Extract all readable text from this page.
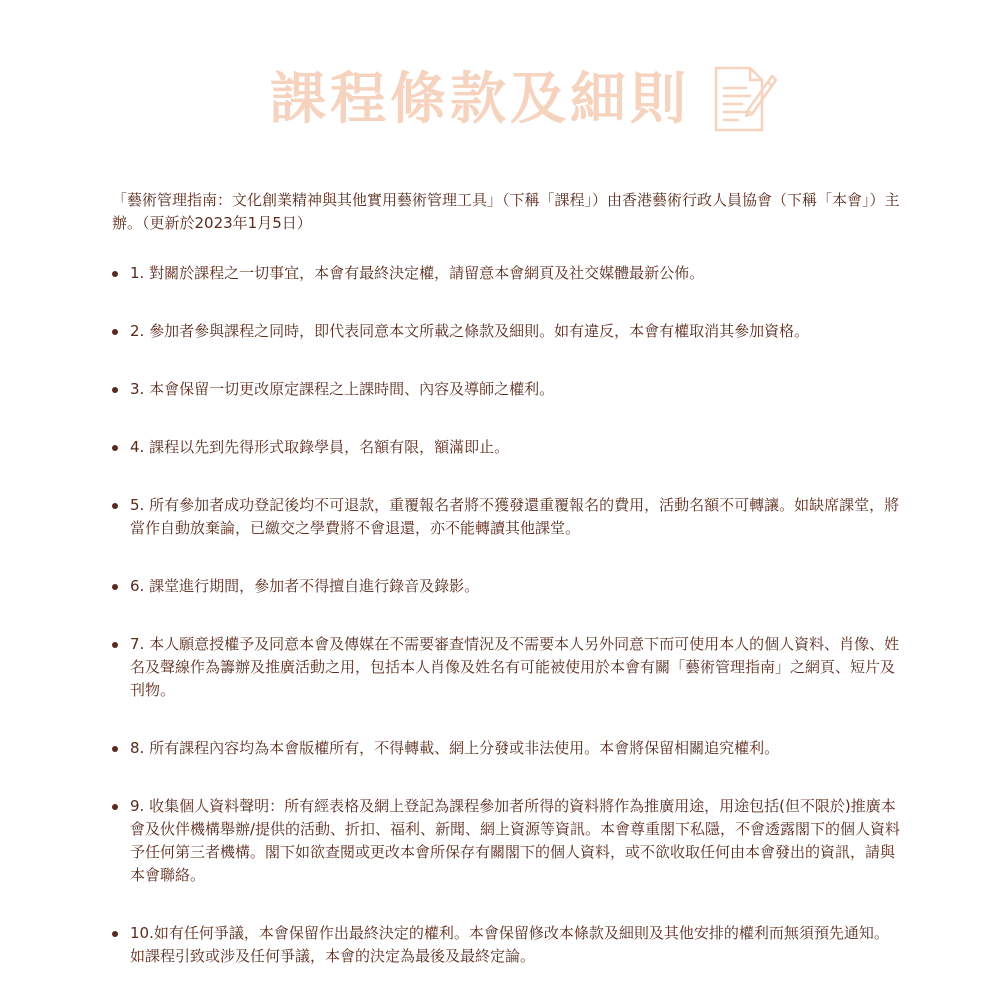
課程條款及細則

「藝術管理指南：文化創業精神與其他實用藝術管理工具」（下稱「課程」）由香港藝術行政人員協會（下稱「本會」）主辦。（更新於2023年1月5日）

1. 對關於課程之一切事宜，本會有最終決定權，請留意本會網頁及社交媒體最新公佈。
2. 參加者參與課程之同時，即代表同意本文所載之條款及細則。如有違反，本會有權取消其參加資格。
3. 本會保留一切更改原定課程之上課時間、內容及導師之權利。
4. 課程以先到先得形式取錄學員，名額有限，額滿即止。
5. 所有參加者成功登記後均不可退款，重覆報名者將不獲發還重覆報名的費用，活動名額不可轉讓。如缺席課堂，將當作自動放棄論，已繳交之學費將不會退還，亦不能轉讀其他課堂。
6. 課堂進行期間，參加者不得擅自進行錄音及錄影。
7. 本人願意授權予及同意本會及傳媒在不需要審查情況及不需要本人另外同意下而可使用本人的個人資料、肖像、姓名及聲線作為籌辦及推廣活動之用，包括本人肖像及姓名有可能被使用於本會有關「藝術管理指南」之網頁、短片及刊物。
8. 所有課程內容均為本會版權所有，不得轉載、網上分發或非法使用。本會將保留相關追究權利。
9. 收集個人資料聲明：所有經表格及網上登記為課程參加者所得的資料將作為推廣用途，用途包括(但不限於)推廣本會及伙伴機構舉辦/提供的活動、折扣、福利、新聞、網上資源等資訊。本會尊重閣下私隱，不會透露閣下的個人資料予任何第三者機構。閣下如欲查閱或更改本會所保存有關閣下的個人資料，或不欲收取任何由本會發出的資訊，請與本會聯絡。
10.如有任何爭議，本會保留作出最終決定的權利。本會保留修改本條款及細則及其他安排的權利而無須預先通知。如課程引致或涉及任何爭議，本會的決定為最後及最終定論。
